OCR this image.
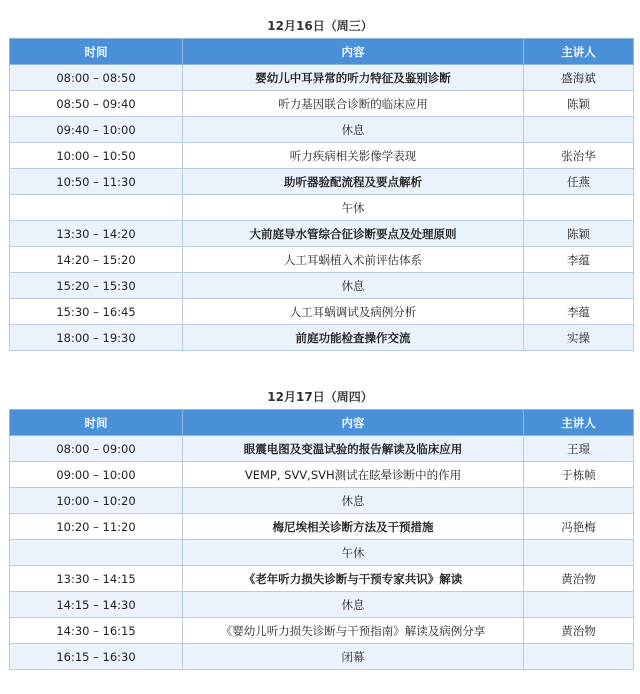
12月16日（周三）
时间	内容	主讲人
08:00 – 08:50	婴幼儿中耳异常的听力特征及鉴别诊断	盛海斌
08:50 – 09:40	听力基因联合诊断的临床应用	陈颖
09:40 – 10:00	休息	
10:00 – 10:50	听力疾病相关影像学表现	张治华
10:50 – 11:30	助听器验配流程及要点解析	任燕
	午休	
13:30 – 14:20	大前庭导水管综合征诊断要点及处理原则	陈颖
14:20 – 15:20	人工耳蜗植入术前评估体系	李蕴
15:20 – 15:30	休息	
15:30 – 16:45	人工耳蜗调试及病例分析	李蕴
18:00 – 19:30	前庭功能检查操作交流	实操
12月17日（周四）
时间	内容	主讲人
08:00 – 09:00	眼震电图及变温试验的报告解读及临床应用	王璟
09:00 – 10:00	VEMP, SVV,SVH测试在眩晕诊断中的作用	于栋帧
10:00 – 10:20	休息	
10:20 – 11:20	梅尼埃相关诊断方法及干预措施	冯艳梅
	午休	
13:30 – 14:15	《老年听力损失诊断与干预专家共识》解读	黄治物
14:15 – 14:30	休息	
14:30 – 16:15	《婴幼儿听力损失诊断与干预指南》解读及病例分享	黄治物
16:15 – 16:30	闭幕	
